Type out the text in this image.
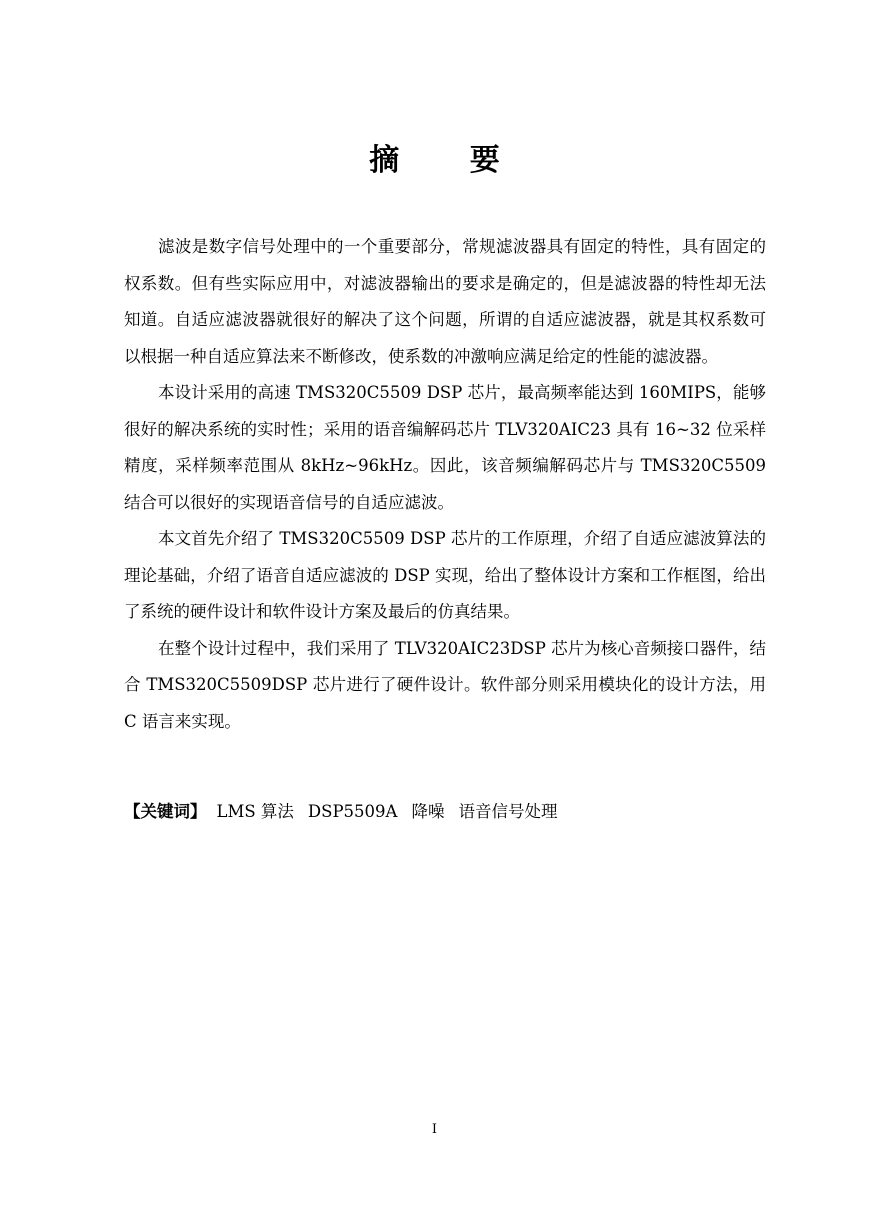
摘 要

滤波是数字信号处理中的一个重要部分，常规滤波器具有固定的特性，具有固定的权系数。但有些实际应用中，对滤波器输出的要求是确定的，但是滤波器的特性却无法知道。自适应滤波器就很好的解决了这个问题，所谓的自适应滤波器，就是其权系数可以根据一种自适应算法来不断修改，使系数的冲激响应满足给定的性能的滤波器。

本设计采用的高速 TMS320C5509 DSP 芯片，最高频率能达到 160MIPS，能够很好的解决系统的实时性；采用的语音编解码芯片 TLV320AIC23 具有 16~32 位采样精度，采样频率范围从 8kHz~96kHz。因此，该音频编解码芯片与 TMS320C5509 结合可以很好的实现语音信号的自适应滤波。

本文首先介绍了 TMS320C5509 DSP 芯片的工作原理，介绍了自适应滤波算法的理论基础，介绍了语音自适应滤波的 DSP 实现，给出了整体设计方案和工作框图，给出了系统的硬件设计和软件设计方案及最后的仿真结果。

在整个设计过程中，我们采用了 TLV320AIC23DSP 芯片为核心音频接口器件，结合 TMS320C5509DSP 芯片进行了硬件设计。软件部分则采用模块化的设计方法，用 C 语言来实现。

【关键词】 LMS 算法 DSP5509A 降噪 语音信号处理
I
